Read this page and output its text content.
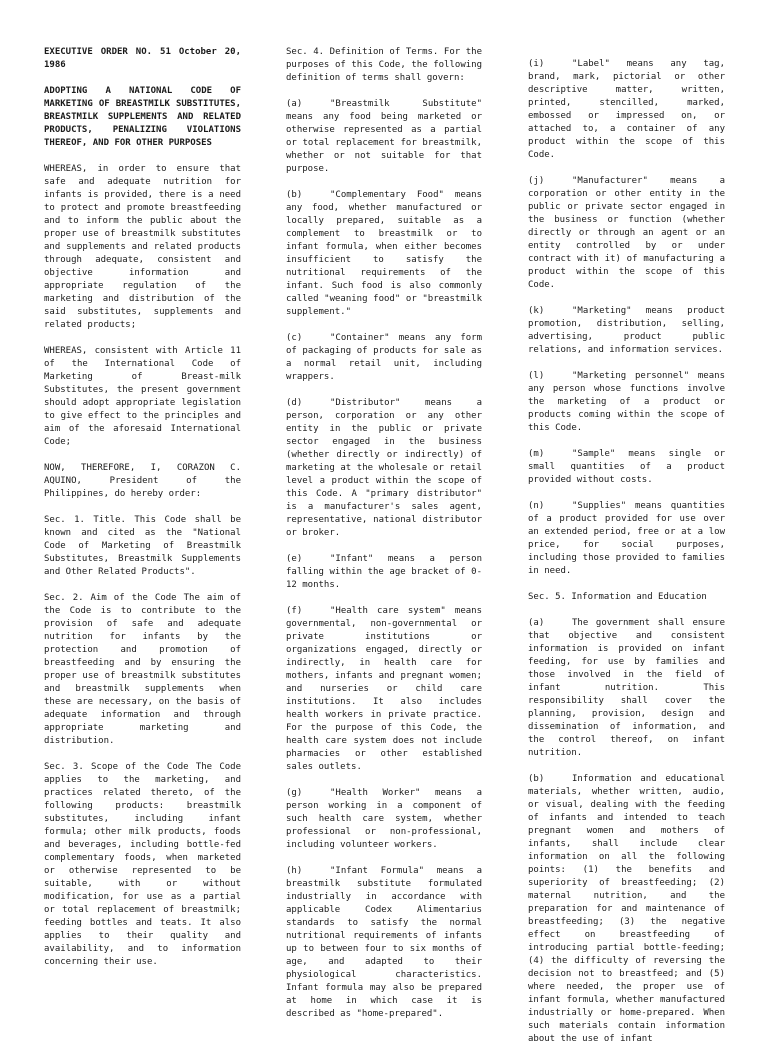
EXECUTIVE ORDER NO. 51 October 20, 1986

ADOPTING A NATIONAL CODE OF MARKETING OF BREASTMILK SUBSTITUTES, BREASTMILK SUPPLEMENTS AND RELATED PRODUCTS, PENALIZING VIOLATIONS THEREOF, AND FOR OTHER PURPOSES

WHEREAS, in order to ensure that safe and adequate nutrition for infants is provided, there is a need to protect and promote breastfeeding and to inform the public about the proper use of breastmilk substitutes and supplements and related products through adequate, consistent and objective information and appropriate regulation of the marketing and distribution of the said substitutes, supplements and related products;

WHEREAS, consistent with Article 11 of the International Code of Marketing of Breast-milk Substitutes, the present government should adopt appropriate legislation to give effect to the principles and aim of the aforesaid International Code;

NOW, THEREFORE, I, CORAZON C. AQUINO, President of the Philippines, do hereby order:

Sec. 1. Title. This Code shall be known and cited as the "National Code of Marketing of Breastmilk Substitutes, Breastmilk Supplements and Other Related Products".

Sec. 2. Aim of the Code The aim of the Code is to contribute to the provision of safe and adequate nutrition for infants by the protection and promotion of breastfeeding and by ensuring the proper use of breastmilk substitutes and breastmilk supplements when these are necessary, on the basis of adequate information and through appropriate marketing and distribution.

Sec. 3. Scope of the Code The Code applies to the marketing, and practices related thereto, of the following products: breastmilk substitutes, including infant formula; other milk products, foods and beverages, including bottle-fed complementary foods, when marketed or otherwise represented to be suitable, with or without modification, for use as a partial or total replacement of breastmilk; feeding bottles and teats. It also applies to their quality and availability, and to information concerning their use.

Sec. 4. Definition of Terms. For the purposes of this Code, the following definition of terms shall govern:

(a)	"Breastmilk Substitute" means any food being marketed or otherwise represented as a partial or total replacement for breastmilk, whether or not suitable for that purpose.

(b)	"Complementary Food" means any food, whether manufactured or locally prepared, suitable as a complement to breastmilk or to infant formula, when either becomes insufficient to satisfy the nutritional requirements of the infant. Such food is also commonly called "weaning food" or "breastmilk supplement."

(c)	"Container" means any form of packaging of products for sale as a normal retail unit, including wrappers.

(d)	"Distributor" means a person, corporation or any other entity in the public or private sector engaged in the business (whether directly or indirectly) of marketing at the wholesale or retail level a product within the scope of this Code. A "primary distributor" is a manufacturer's sales agent, representative, national distributor or broker.

(e)	"Infant" means a person falling within the age bracket of 0-12 months.

(f)	"Health care system" means governmental, non-governmental or private institutions or organizations engaged, directly or indirectly, in health care for mothers, infants and pregnant women; and nurseries or child care institutions. It also includes health workers in private practice. For the purpose of this Code, the health care system does not include pharmacies or other established sales outlets.

(g)	"Health Worker" means a person working in a component of such health care system, whether professional or non-professional, including volunteer workers.

(h)	"Infant Formula" means a breastmilk substitute formulated industrially in accordance with applicable Codex Alimentarius standards to satisfy the normal nutritional requirements of infants up to between four to six months of age, and adapted to their physiological characteristics. Infant formula may also be prepared at home in which case it is described as "home-prepared".

(i)	"Label" means any tag, brand, mark, pictorial or other descriptive matter, written, printed, stencilled, marked, embossed or impressed on, or attached to, a container of any product within the scope of this Code.

(j)	"Manufacturer" means a corporation or other entity in the public or private sector engaged in the business or function (whether directly or through an agent or an entity controlled by or under contract with it) of manufacturing a product within the scope of this Code.

(k)	"Marketing" means product promotion, distribution, selling, advertising, product public relations, and information services.

(l)	"Marketing personnel" means any person whose functions involve the marketing of a product or products coming within the scope of this Code.

(m)	"Sample" means single or small quantities of a product provided without costs.

(n)	"Supplies" means quantities of a product provided for use over an extended period, free or at a low price, for social purposes, including those provided to families in need.

Sec. 5. Information and Education

(a)	The government shall ensure that objective and consistent information is provided on infant feeding, for use by families and those involved in the field of infant nutrition. This responsibility shall cover the planning, provision, design and dissemination of information, and the control thereof, on infant nutrition.

(b)	Information and educational materials, whether written, audio, or visual, dealing with the feeding of infants and intended to teach pregnant women and mothers of infants, shall include clear information on all the following points: (1) the benefits and superiority of breastfeeding; (2) maternal nutrition, and the preparation for and maintenance of breastfeeding; (3) the negative effect on breastfeeding of introducing partial bottle-feeding; (4) the difficulty of reversing the decision not to breastfeed; and (5) where needed, the proper use of infant formula, whether manufactured industrially or home-prepared. When such materials contain information about the use of infant
